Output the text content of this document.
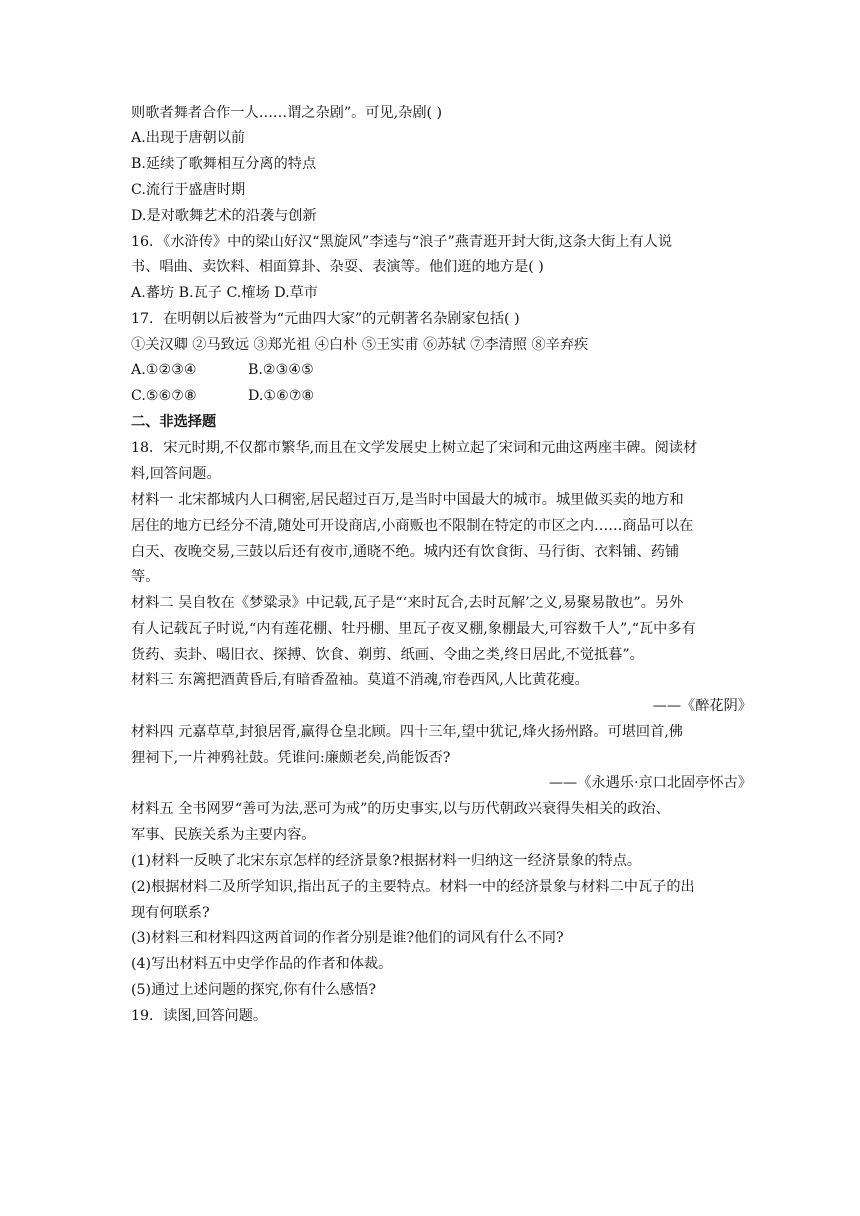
则歌者舞者合作一人……谓之杂剧”。可见,杂剧( )
A.出现于唐朝以前
B.延续了歌舞相互分离的特点
C.流行于盛唐时期
D.是对歌舞艺术的沿袭与创新
16．《水浒传》中的梁山好汉“黑旋风”李逵与“浪子”燕青逛开封大街,这条大街上有人说
书、唱曲、卖饮料、相面算卦、杂耍、表演等。他们逛的地方是( )
A.蕃坊 B.瓦子 C.榷场 D.草市
17．在明朝以后被誉为“元曲四大家”的元朝著名杂剧家包括( )
①关汉卿 ②马致远 ③郑光祖 ④白朴 ⑤王实甫 ⑥苏轼 ⑦李清照 ⑧辛弃疾
A.①②③④	B.②③④⑤
C.⑤⑥⑦⑧	D.①⑥⑦⑧
二、非选择题
18．宋元时期,不仅都市繁华,而且在文学发展史上树立起了宋词和元曲这两座丰碑。阅读材
料,回答问题。
材料一 北宋都城内人口稠密,居民超过百万,是当时中国最大的城市。城里做买卖的地方和
居住的地方已经分不清,随处可开设商店,小商贩也不限制在特定的市区之内……商品可以在
白天、夜晚交易,三鼓以后还有夜市,通晓不绝。城内还有饮食街、马行街、衣料铺、药铺
等。
材料二 吴自牧在《梦粱录》中记载,瓦子是“‘来时瓦合,去时瓦解’之义,易聚易散也”。另外
有人记载瓦子时说,“内有莲花棚、牡丹棚、里瓦子夜叉棚,象棚最大,可容数千人”,“瓦中多有
货药、卖卦、喝旧衣、探搏、饮食、剃剪、纸画、令曲之类,终日居此,不觉抵暮”。
材料三 东篱把酒黄昏后,有暗香盈袖。莫道不消魂,帘卷西风,人比黄花瘦。
——《醉花阴》
材料四 元嘉草草,封狼居胥,赢得仓皇北顾。四十三年,望中犹记,烽火扬州路。可堪回首,佛
狸祠下,一片神鸦社鼓。凭谁问:廉颇老矣,尚能饭否?
——《永遇乐·京口北固亭怀古》
材料五 全书网罗“善可为法,恶可为戒”的历史事实,以与历代朝政兴衰得失相关的政治、
军事、民族关系为主要内容。
(1)材料一反映了北宋东京怎样的经济景象?根据材料一归纳这一经济景象的特点。
(2)根据材料二及所学知识,指出瓦子的主要特点。材料一中的经济景象与材料二中瓦子的出
现有何联系?
(3)材料三和材料四这两首词的作者分别是谁?他们的词风有什么不同?
(4)写出材料五中史学作品的作者和体裁。
(5)通过上述问题的探究,你有什么感悟?
19．读图,回答问题。
